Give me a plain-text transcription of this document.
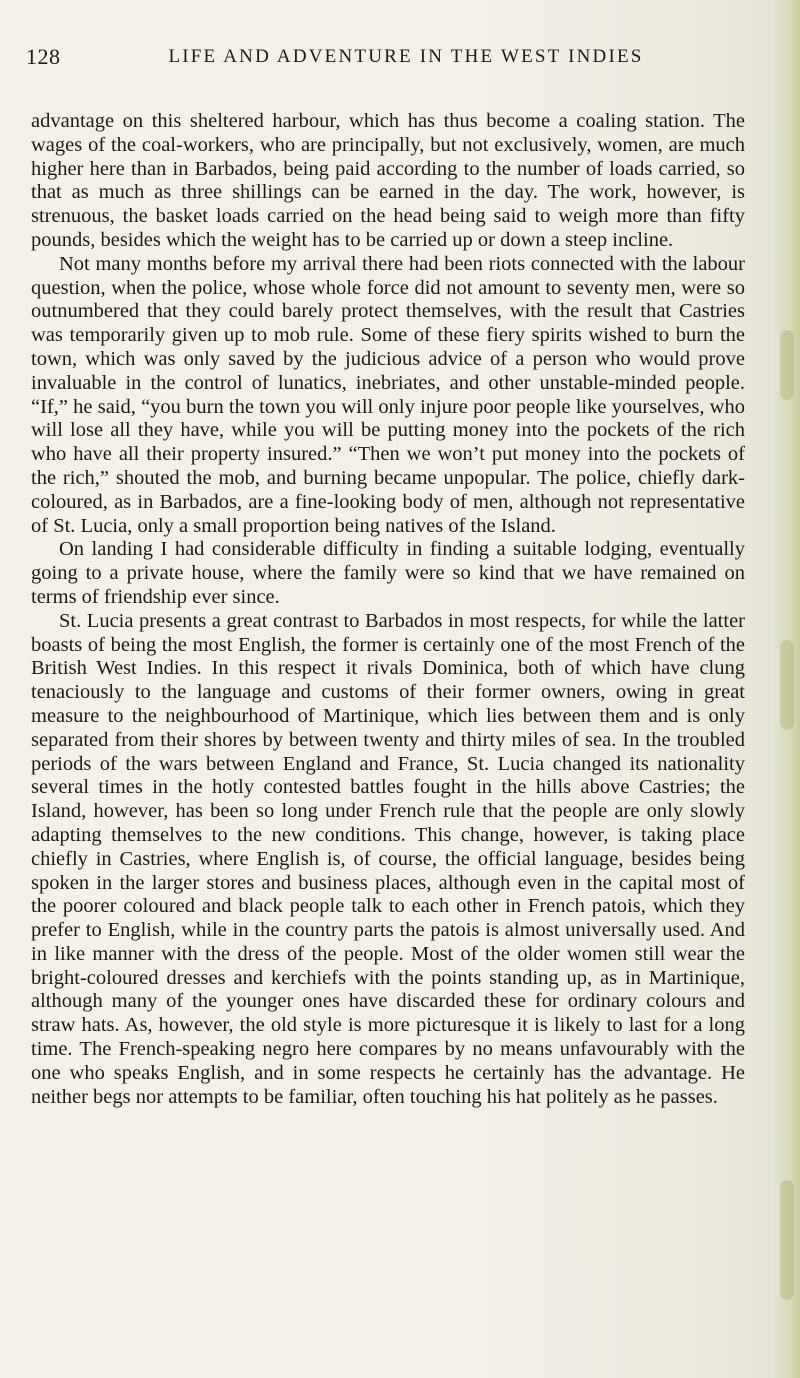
128	LIFE AND ADVENTURE IN THE WEST INDIES

advantage on this sheltered harbour, which has thus become a coaling station. The wages of the coal-workers, who are principally, but not exclusively, women, are much higher here than in Barbados, being paid according to the number of loads carried, so that as much as three shillings can be earned in the day. The work, however, is strenuous, the basket loads carried on the head being said to weigh more than fifty pounds, besides which the weight has to be carried up or down a steep incline.

Not many months before my arrival there had been riots connected with the labour question, when the police, whose whole force did not amount to seventy men, were so outnumbered that they could barely protect themselves, with the result that Castries was temporarily given up to mob rule. Some of these fiery spirits wished to burn the town, which was only saved by the judicious advice of a person who would prove invaluable in the control of lunatics, inebriates, and other unstable-minded people. “If,” he said, “you burn the town you will only injure poor people like yourselves, who will lose all they have, while you will be putting money into the pockets of the rich who have all their property insured.” “Then we won’t put money into the pockets of the rich,” shouted the mob, and burning became unpopular. The police, chiefly dark-coloured, as in Barbados, are a fine-looking body of men, although not representative of St. Lucia, only a small proportion being natives of the Island.

On landing I had considerable difficulty in finding a suitable lodging, eventually going to a private house, where the family were so kind that we have remained on terms of friendship ever since.

St. Lucia presents a great contrast to Barbados in most respects, for while the latter boasts of being the most English, the former is certainly one of the most French of the British West Indies. In this respect it rivals Dominica, both of which have clung tenaciously to the language and customs of their former owners, owing in great measure to the neighbourhood of Martinique, which lies between them and is only separated from their shores by between twenty and thirty miles of sea. In the troubled periods of the wars between England and France, St. Lucia changed its nationality several times in the hotly contested battles fought in the hills above Castries; the Island, however, has been so long under French rule that the people are only slowly adapting themselves to the new conditions. This change, however, is taking place chiefly in Castries, where English is, of course, the official language, besides being spoken in the larger stores and business places, although even in the capital most of the poorer coloured and black people talk to each other in French patois, which they prefer to English, while in the country parts the patois is almost universally used. And in like manner with the dress of the people. Most of the older women still wear the bright-coloured dresses and kerchiefs with the points standing up, as in Martinique, although many of the younger ones have discarded these for ordinary colours and straw hats. As, however, the old style is more picturesque it is likely to last for a long time. The French-speaking negro here compares by no means unfavourably with the one who speaks English, and in some respects he certainly has the advantage. He neither begs nor attempts to be familiar, often touching his hat politely as he passes.
